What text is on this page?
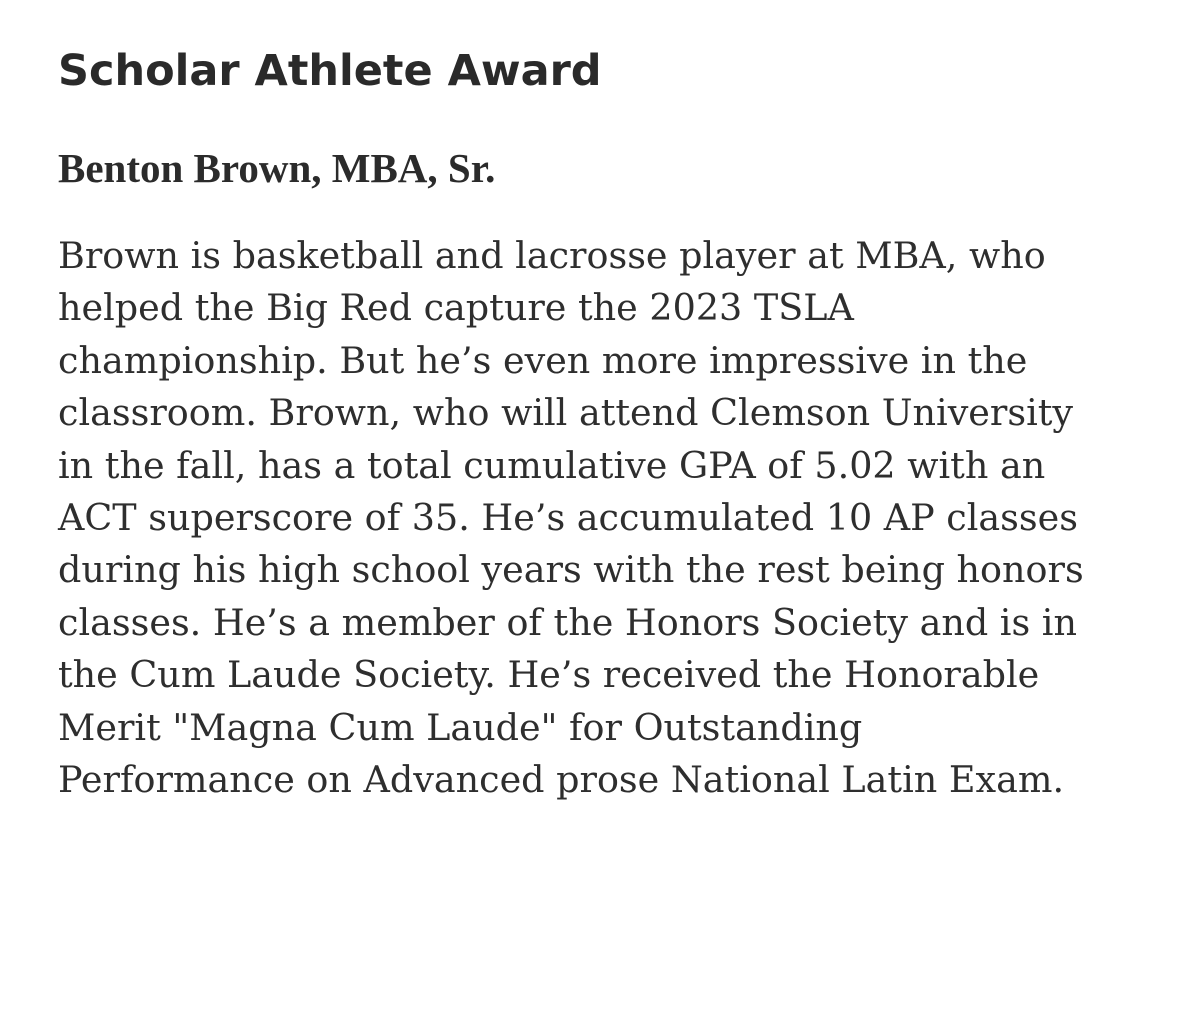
Scholar Athlete Award
Benton Brown, MBA, Sr.

Brown is basketball and lacrosse player at MBA, who
helped the Big Red capture the 2023 TSLA
championship. But he’s even more impressive in the
classroom. Brown, who will attend Clemson University
in the fall, has a total cumulative GPA of 5.02 with an
ACT superscore of 35. He’s accumulated 10 AP classes
during his high school years with the rest being honors
classes. He’s a member of the Honors Society and is in
the Cum Laude Society. He’s received the Honorable
Merit "Magna Cum Laude" for Outstanding
Performance on Advanced prose National Latin Exam.
